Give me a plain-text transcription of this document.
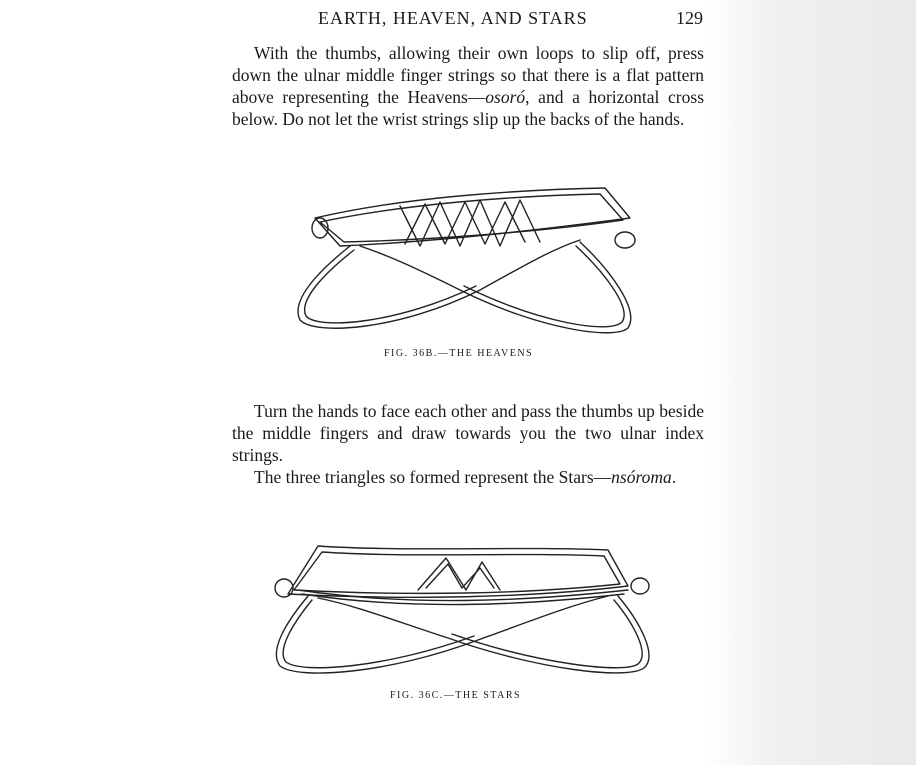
EARTH, HEAVEN, AND STARS	129

With the thumbs, allowing their own loops to slip off, press down the ulnar middle finger strings so that there is a flat pattern above representing the Heavens—osoró, and a horizontal cross below. Do not let the wrist strings slip up the backs of the hands.

FIG. 36B.—THE HEAVENS

Turn the hands to face each other and pass the thumbs up beside the middle fingers and draw towards you the two ulnar index strings.

The three triangles so formed represent the Stars—nsóroma.

FIG. 36C.—THE STARS
